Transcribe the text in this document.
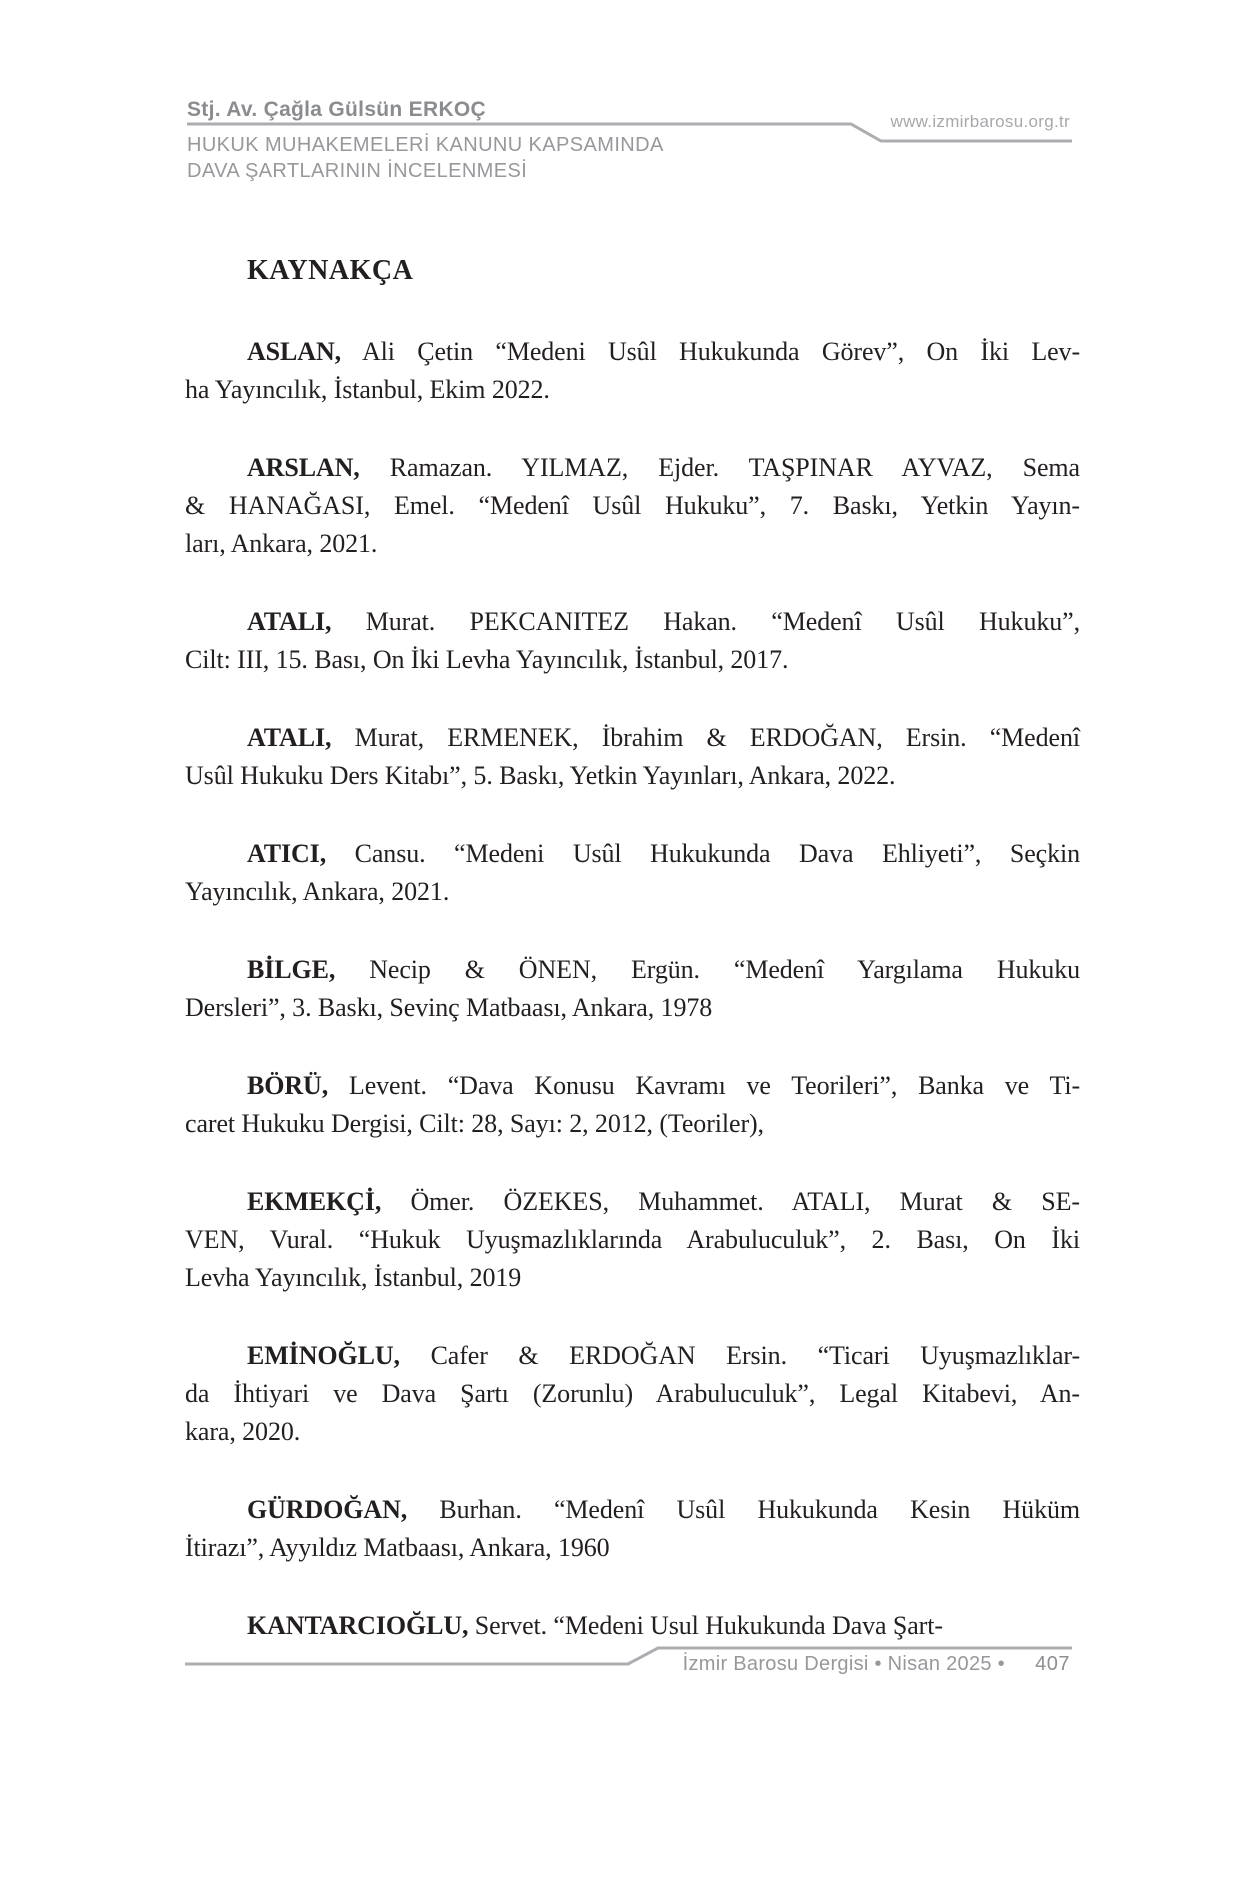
Stj. Av. Çağla Gülsün ERKOÇ
HUKUK MUHAKEMELERİ KANUNU KAPSAMINDA
DAVA ŞARTLARININ İNCELENMESİ
www.izmirbarosu.org.tr
KAYNAKÇA
ASLAN, Ali Çetin “Medeni Usûl Hukukunda Görev”, On İki Lev-
ha Yayıncılık, İstanbul, Ekim 2022.
ARSLAN, Ramazan. YILMAZ, Ejder. TAŞPINAR AYVAZ, Sema
& HANAĞASI, Emel. “Medenî Usûl Hukuku”, 7. Baskı, Yetkin Yayın-
ları, Ankara, 2021.
ATALI, Murat. PEKCANITEZ Hakan. “Medenî Usûl Hukuku”,
Cilt: III, 15. Bası, On İki Levha Yayıncılık, İstanbul, 2017.
ATALI, Murat, ERMENEK, İbrahim & ERDOĞAN, Ersin. “Medenî
Usûl Hukuku Ders Kitabı”, 5. Baskı, Yetkin Yayınları, Ankara, 2022.
ATICI, Cansu. “Medeni Usûl Hukukunda Dava Ehliyeti”, Seçkin
Yayıncılık, Ankara, 2021.
BİLGE, Necip & ÖNEN, Ergün. “Medenî Yargılama Hukuku
Dersleri”, 3. Baskı, Sevinç Matbaası, Ankara, 1978
BÖRÜ, Levent. “Dava Konusu Kavramı ve Teorileri”, Banka ve Ti-
caret Hukuku Dergisi, Cilt: 28, Sayı: 2, 2012, (Teoriler),
EKMEKÇİ, Ömer. ÖZEKES, Muhammet. ATALI, Murat & SE-
VEN, Vural. “Hukuk Uyuşmazlıklarında Arabuluculuk”, 2. Bası, On İki
Levha Yayıncılık, İstanbul, 2019
EMİNOĞLU, Cafer & ERDOĞAN Ersin. “Ticari Uyuşmazlıklar-
da İhtiyari ve Dava Şartı (Zorunlu) Arabuluculuk”, Legal Kitabevi, An-
kara, 2020.
GÜRDOĞAN, Burhan. “Medenî Usûl Hukukunda Kesin Hüküm
İtirazı”, Ayyıldız Matbaası, Ankara, 1960
KANTARCIOĞLU, Servet. “Medeni Usul Hukukunda Dava Şart-
İzmir Barosu Dergisi • Nisan 2025 • 407
